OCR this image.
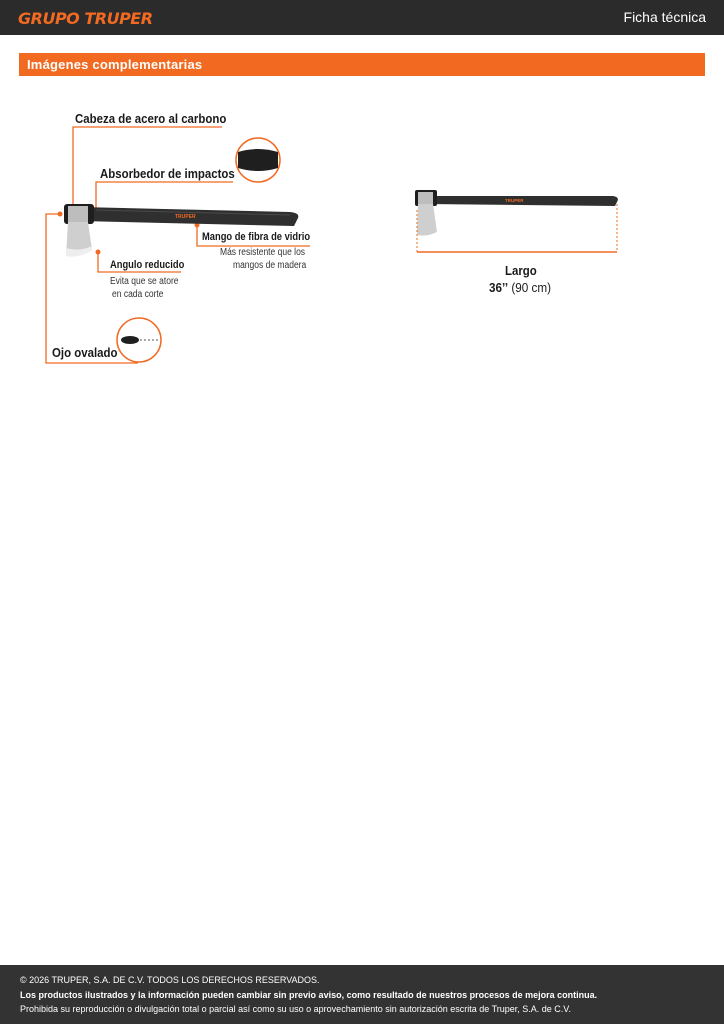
GRUPO TRUPER	Ficha técnica
Imágenes complementarias
TRUPER
Cabeza de acero al carbono
Absorbedor de impactos
Mango de fibra de vidrio
Más resistente que los
mangos de madera
Angulo reducido
Evita que se atore
en cada corte
Ojo ovalado
TRUPER
Largo
36’’ (90 cm)
© 2026 TRUPER, S.A. DE C.V. TODOS LOS DERECHOS RESERVADOS.
Los productos ilustrados y la información pueden cambiar sin previo aviso, como resultado de nuestros procesos de mejora continua.
Prohibida su reproducción o divulgación total o parcial así como su uso o aprovechamiento sin autorización escrita de Truper, S.A. de C.V.
